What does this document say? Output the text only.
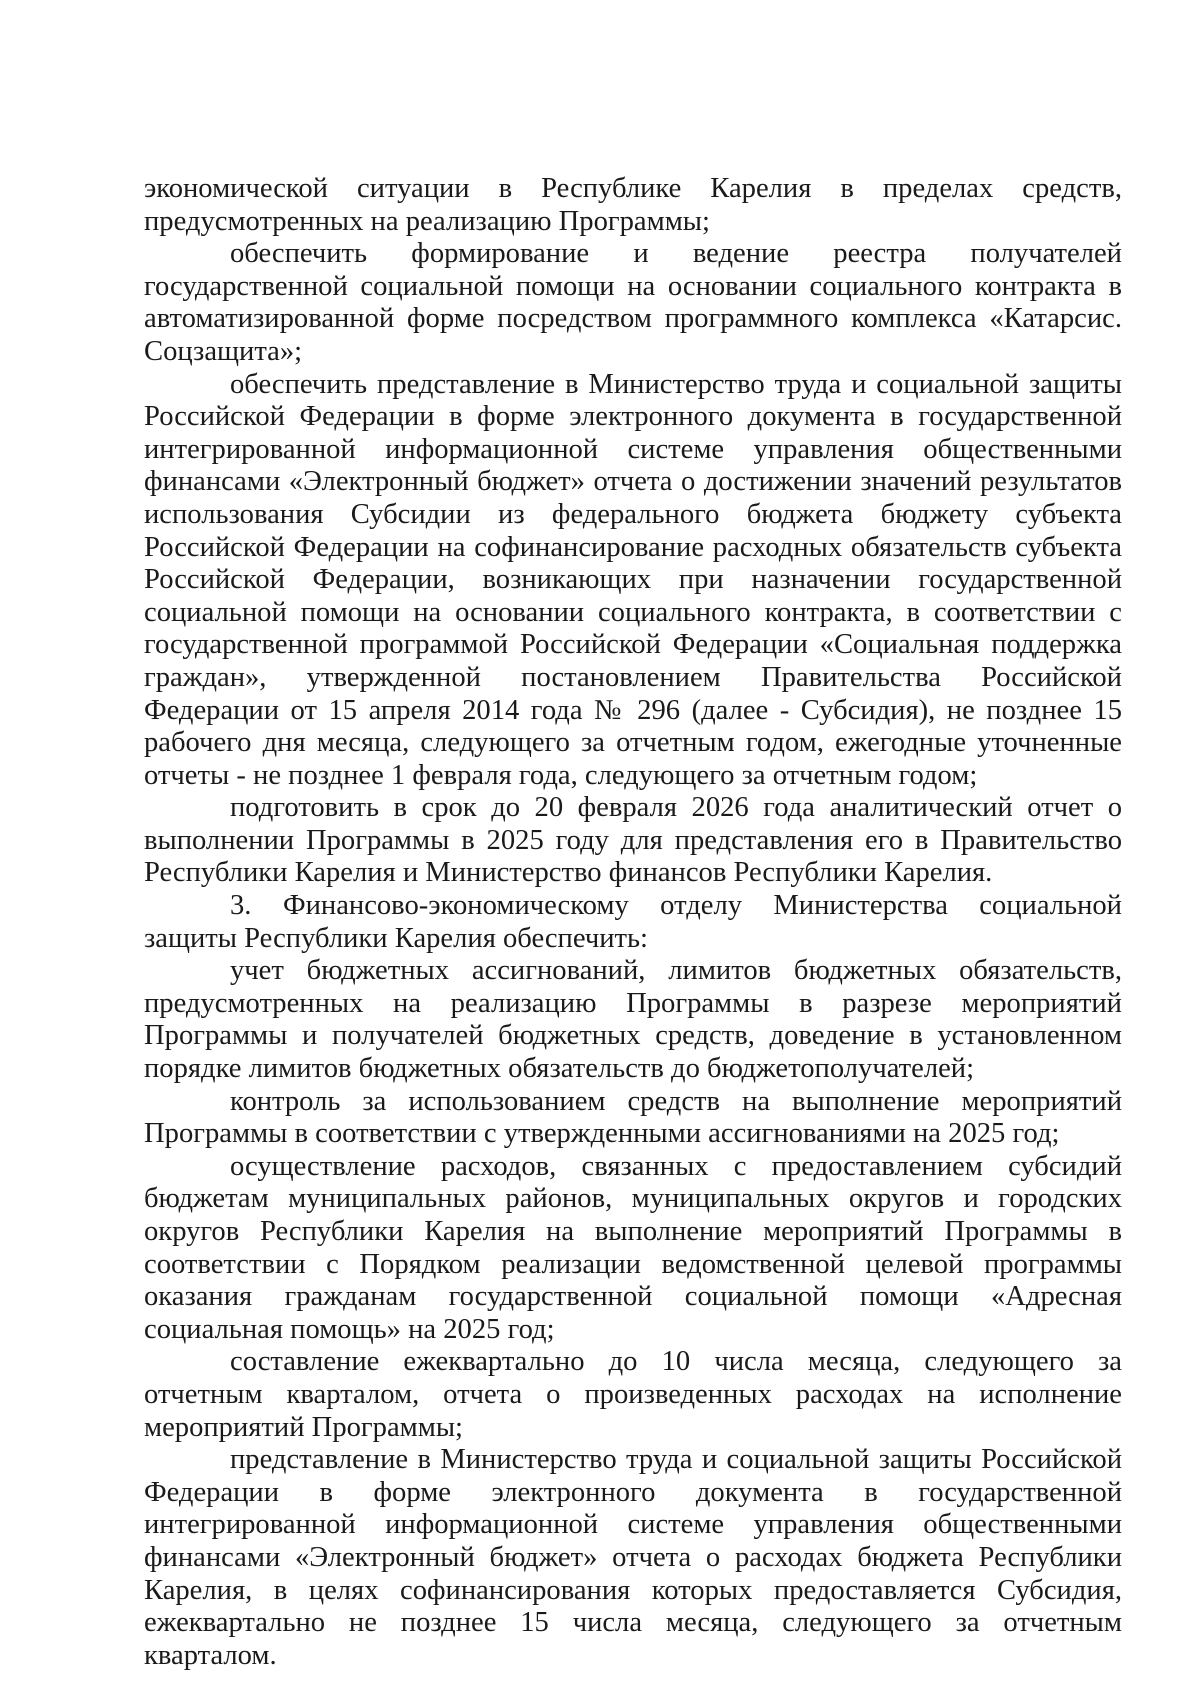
экономической ситуации в Республике Карелия в пределах средств, предусмотренных на реализацию Программы;

обеспечить формирование и ведение реестра получателей государственной социальной помощи на основании социального контракта в автоматизированной форме посредством программного комплекса «Катарсис. Соцзащита»;

обеспечить представление в Министерство труда и социальной защиты Российской Федерации в форме электронного документа в государственной интегрированной информационной системе управления общественными финансами «Электронный бюджет» отчета о достижении значений результатов использования Субсидии из федерального бюджета бюджету субъекта Российской Федерации на софинансирование расходных обязательств субъекта Российской Федерации, возникающих при назначении государственной социальной помощи на основании социального контракта, в соответствии с государственной программой Российской Федерации «Социальная поддержка граждан», утвержденной постановлением Правительства Российской Федерации от 15 апреля 2014 года № 296 (далее - Субсидия), не позднее 15 рабочего дня месяца, следующего за отчетным годом, ежегодные уточненные отчеты - не позднее 1 февраля года, следующего за отчетным годом;

подготовить в срок до 20 февраля 2026 года аналитический отчет о выполнении Программы в 2025 году для представления его в Правительство Республики Карелия и Министерство финансов Республики Карелия.

3. Финансово-экономическому отделу Министерства социальной защиты Республики Карелия обеспечить:

учет бюджетных ассигнований, лимитов бюджетных обязательств, предусмотренных на реализацию Программы в разрезе мероприятий Программы и получателей бюджетных средств, доведение в установленном порядке лимитов бюджетных обязательств до бюджетополучателей;

контроль за использованием средств на выполнение мероприятий Программы в соответствии с утвержденными ассигнованиями на 2025 год;

осуществление расходов, связанных с предоставлением субсидий бюджетам муниципальных районов, муниципальных округов и городских округов Республики Карелия на выполнение мероприятий Программы в соответствии с Порядком реализации ведомственной целевой программы оказания гражданам государственной социальной помощи «Адресная социальная помощь» на 2025 год;

составление ежеквартально до 10 числа месяца, следующего за отчетным кварталом, отчета о произведенных расходах на исполнение мероприятий Программы;

представление в Министерство труда и социальной защиты Российской Федерации в форме электронного документа в государственной интегрированной информационной системе управления общественными финансами «Электронный бюджет» отчета о расходах бюджета Республики Карелия, в целях софинансирования которых предоставляется Субсидия, ежеквартально не позднее 15 числа месяца, следующего за отчетным кварталом.
